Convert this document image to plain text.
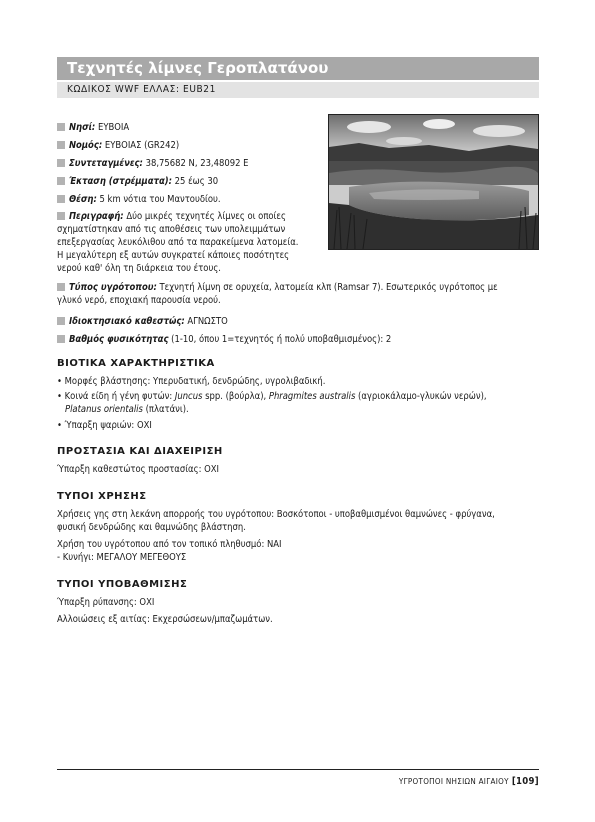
Τεχνητές λίμνες Γεροπλατάνου
ΚΩΔΙΚΟΣ WWF ΕΛΛΑΣ: EUB21
Νησί: ΕΥΒΟΙΑ
Νομός: ΕΥΒΟΙΑΣ (GR242)
Συντεταγμένες: 38,75682 N, 23,48092 E
Έκταση (στρέμματα): 25 έως 30
Θέση: 5 km νότια του Μαντουδίου.
Περιγραφή: Δύο μικρές τεχνητές λίμνες οι οποίες
σχηματίστηκαν από τις αποθέσεις των υπολειμμάτων
επεξεργασίας λευκόλιθου από τα παρακείμενα λατομεία.
Η μεγαλύτερη εξ αυτών συγκρατεί κάποιες ποσότητες
νερού καθ' όλη τη διάρκεια του έτους.
Τύπος υγρότοπου: Τεχνητή λίμνη σε ορυχεία, λατομεία κλπ (Ramsar 7). Εσωτερικός υγρότοπος με
γλυκό νερό, εποχιακή παρουσία νερού.
Ιδιοκτησιακό καθεστώς: ΑΓΝΩΣΤΟ
Βαθμός φυσικότητας (1-10, όπου 1=τεχνητός ή πολύ υποβαθμισμένος): 2
ΒΙΟΤΙΚΑ ΧΑΡΑΚΤΗΡΙΣΤΙΚΑ
• Μορφές βλάστησης: Υπερυδατική, δενδρώδης, υγρολιβαδική.
• Κοινά είδη ή γένη φυτών: Juncus spp. (βούρλα), Phragmites australis (αγριοκάλαμο-γλυκών νερών),
Platanus orientalis (πλατάνι).
• Ύπαρξη ψαριών: ΟΧΙ
ΠΡΟΣΤΑΣΙΑ ΚΑΙ ΔΙΑΧΕΙΡΙΣΗ
Ύπαρξη καθεστώτος προστασίας: ΟΧΙ
ΤΥΠΟΙ ΧΡΗΣΗΣ
Χρήσεις γης στη λεκάνη απορροής του υγρότοπου: Βοσκότοποι - υποβαθμισμένοι θαμνώνες - φρύγανα,
φυσική δενδρώδης και θαμνώδης βλάστηση.
Χρήση του υγρότοπου από τον τοπικό πληθυσμό: ΝΑΙ
- Κυνήγι: ΜΕΓΑΛΟΥ ΜΕΓΕΘΟΥΣ
ΤΥΠΟΙ ΥΠΟΒΑΘΜΙΣΗΣ
Ύπαρξη ρύπανσης: ΟΧΙ
Αλλοιώσεις εξ αιτίας: Εκχερσώσεων/μπαζωμάτων.
ΥΓΡΟΤΟΠΟΙ ΝΗΣΙΩΝ ΑΙΓΑΙΟΥ [109]
